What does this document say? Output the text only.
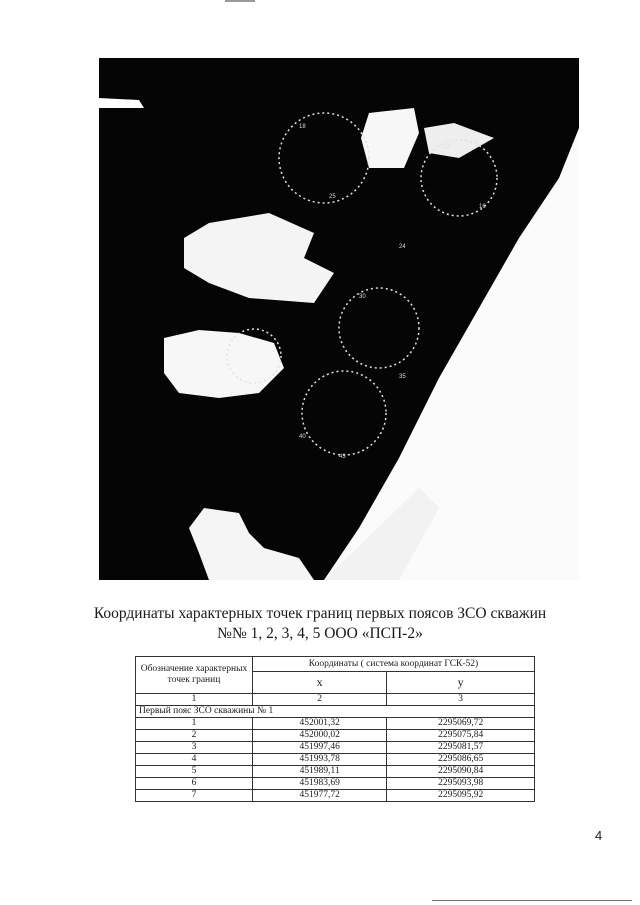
18
25
24
30
35
40
43
12
16
Координаты характерных точек границ первых поясов ЗСО скважин
№№ 1, 2, 3, 4, 5 ООО «ПСП-2»
Обозначение характерных точек границ	Координаты ( система координат ГСК-52)	
	x	у
1	2	3
Первый пояс ЗСО скважины № 1		
1	452001,32	2295069,72
2	452000,02	2295075,84
3	451997,46	2295081,57
4	451993,78	2295086,65
5	451989,11	2295090,84
6	451983,69	2295093,98
7	451977,72	2295095,92
4
